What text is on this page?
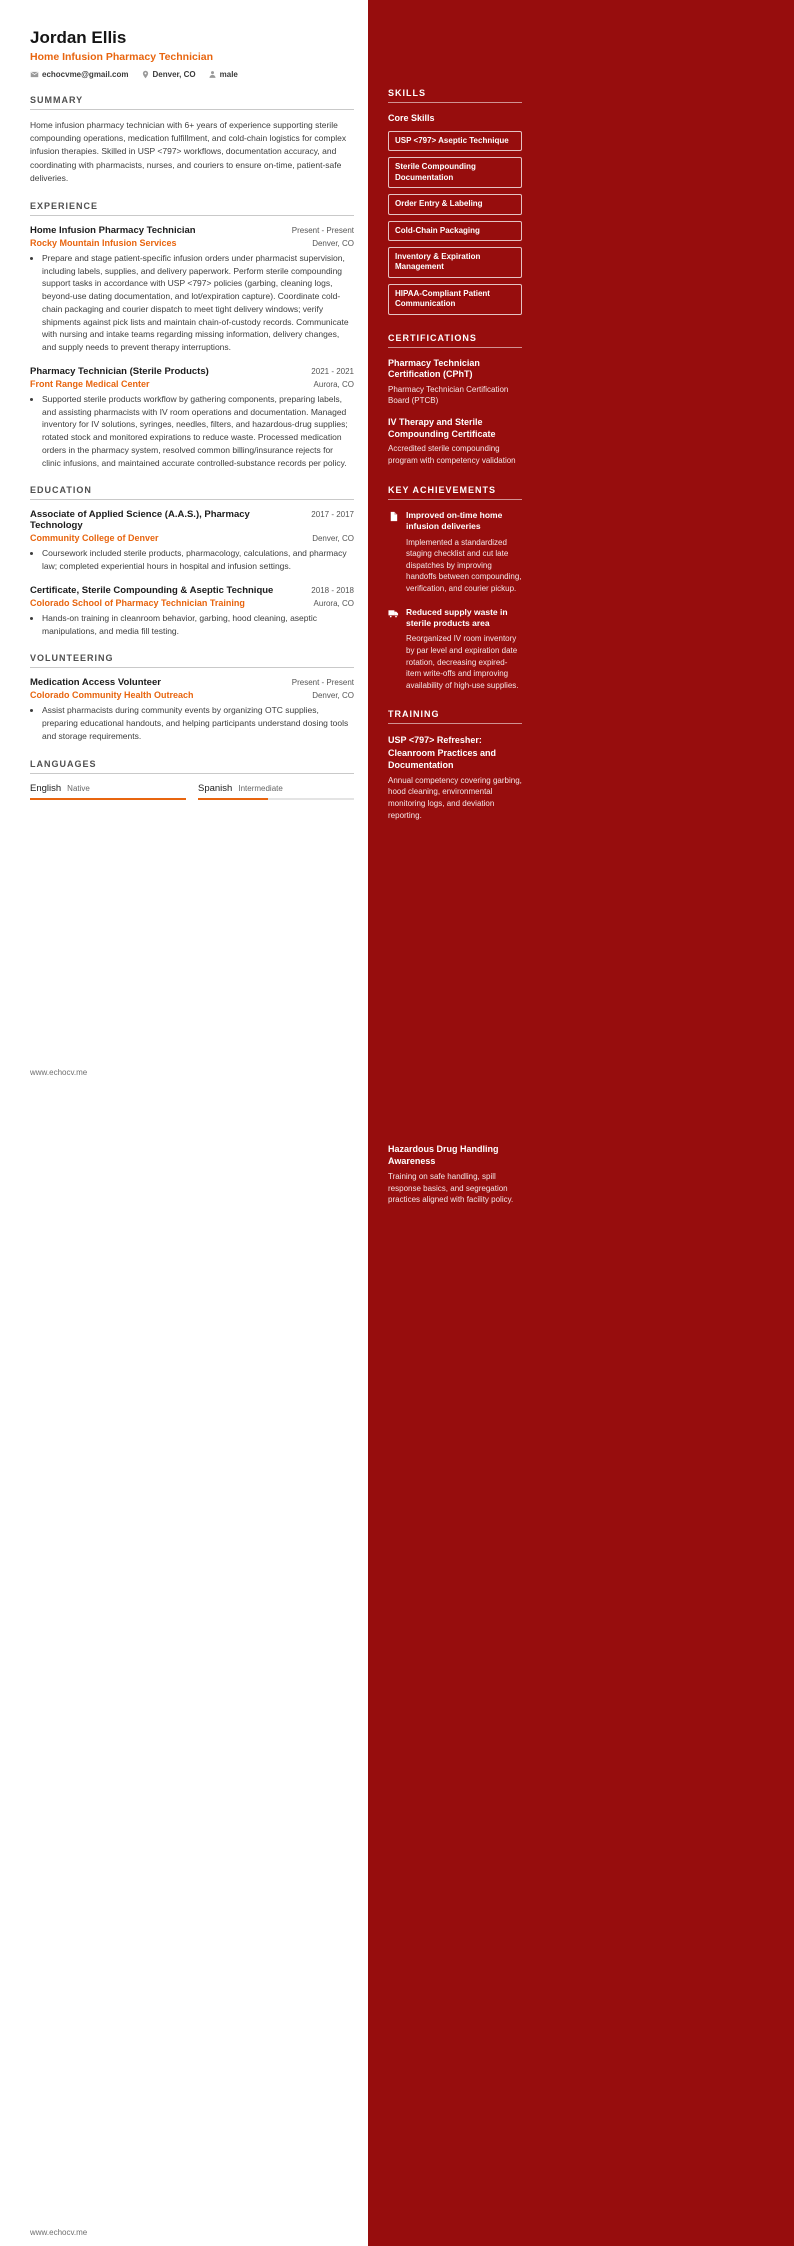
Jordan Ellis
Home Infusion Pharmacy Technician
echocvme@gmail.com	Denver, CO	male
SUMMARY

Home infusion pharmacy technician with 6+ years of experience supporting sterile compounding operations, medication fulfillment, and cold-chain logistics for complex infusion therapies. Skilled in USP <797> workflows, documentation accuracy, and coordinating with pharmacists, nurses, and couriers to ensure on-time, patient-safe deliveries.

EXPERIENCE
Home Infusion Pharmacy Technician	Present - Present
Rocky Mountain Infusion Services	Denver, CO
• Prepare and stage patient-specific infusion orders under pharmacist supervision, including labels, supplies, and delivery paperwork. Perform sterile compounding support tasks in accordance with USP <797> policies (garbing, cleaning logs, beyond-use dating documentation, and lot/expiration capture). Coordinate cold-chain packaging and courier dispatch to meet tight delivery windows; verify shipments against pick lists and maintain chain-of-custody records. Communicate with nursing and intake teams regarding missing information, delivery changes, and supply needs to prevent therapy interruptions.
Pharmacy Technician (Sterile Products)	2021 - 2021
Front Range Medical Center	Aurora, CO
• Supported sterile products workflow by gathering components, preparing labels, and assisting pharmacists with IV room operations and documentation. Managed inventory for IV solutions, syringes, needles, filters, and hazardous-drug supplies; rotated stock and monitored expirations to reduce waste. Processed medication orders in the pharmacy system, resolved common billing/insurance rejects for clinic infusions, and maintained accurate controlled-substance records per policy.
EDUCATION
Associate of Applied Science (A.A.S.), Pharmacy Technology
2017 - 2017
Community College of Denver	Denver, CO
• Coursework included sterile products, pharmacology, calculations, and pharmacy law; completed experiential hours in hospital and infusion settings.
Certificate, Sterile Compounding & Aseptic Technique	2018 - 2018
Colorado School of Pharmacy Technician Training	Aurora, CO
• Hands-on training in cleanroom behavior, garbing, hood cleaning, aseptic manipulations, and media fill testing.
VOLUNTEERING
Medication Access Volunteer	Present - Present
Colorado Community Health Outreach	Denver, CO
• Assist pharmacists during community events by organizing OTC supplies, preparing educational handouts, and helping participants understand dosing tools and storage requirements.
LANGUAGES
English Native	Spanish Intermediate
SKILLS
Core Skills
USP <797> Aseptic Technique
Sterile Compounding Documentation
Order Entry & Labeling
Cold-Chain Packaging
Inventory & Expiration Management
HIPAA-Compliant Patient Communication
CERTIFICATIONS
Pharmacy Technician Certification (CPhT)
Pharmacy Technician Certification Board (PTCB)
IV Therapy and Sterile Compounding Certificate
Accredited sterile compounding program with competency validation
KEY ACHIEVEMENTS
Improved on-time home infusion deliveries
Implemented a standardized staging checklist and cut late dispatches by improving handoffs between compounding, verification, and courier pickup.
Reduced supply waste in sterile products area
Reorganized IV room inventory by par level and expiration date rotation, decreasing expired-item write-offs and improving availability of high-use supplies.
TRAINING
USP <797> Refresher: Cleanroom Practices and Documentation
Annual competency covering garbing, hood cleaning, environmental monitoring logs, and deviation reporting.
Hazardous Drug Handling Awareness
Training on safe handling, spill response basics, and segregation practices aligned with facility policy.
www.echocv.me
www.echocv.me
